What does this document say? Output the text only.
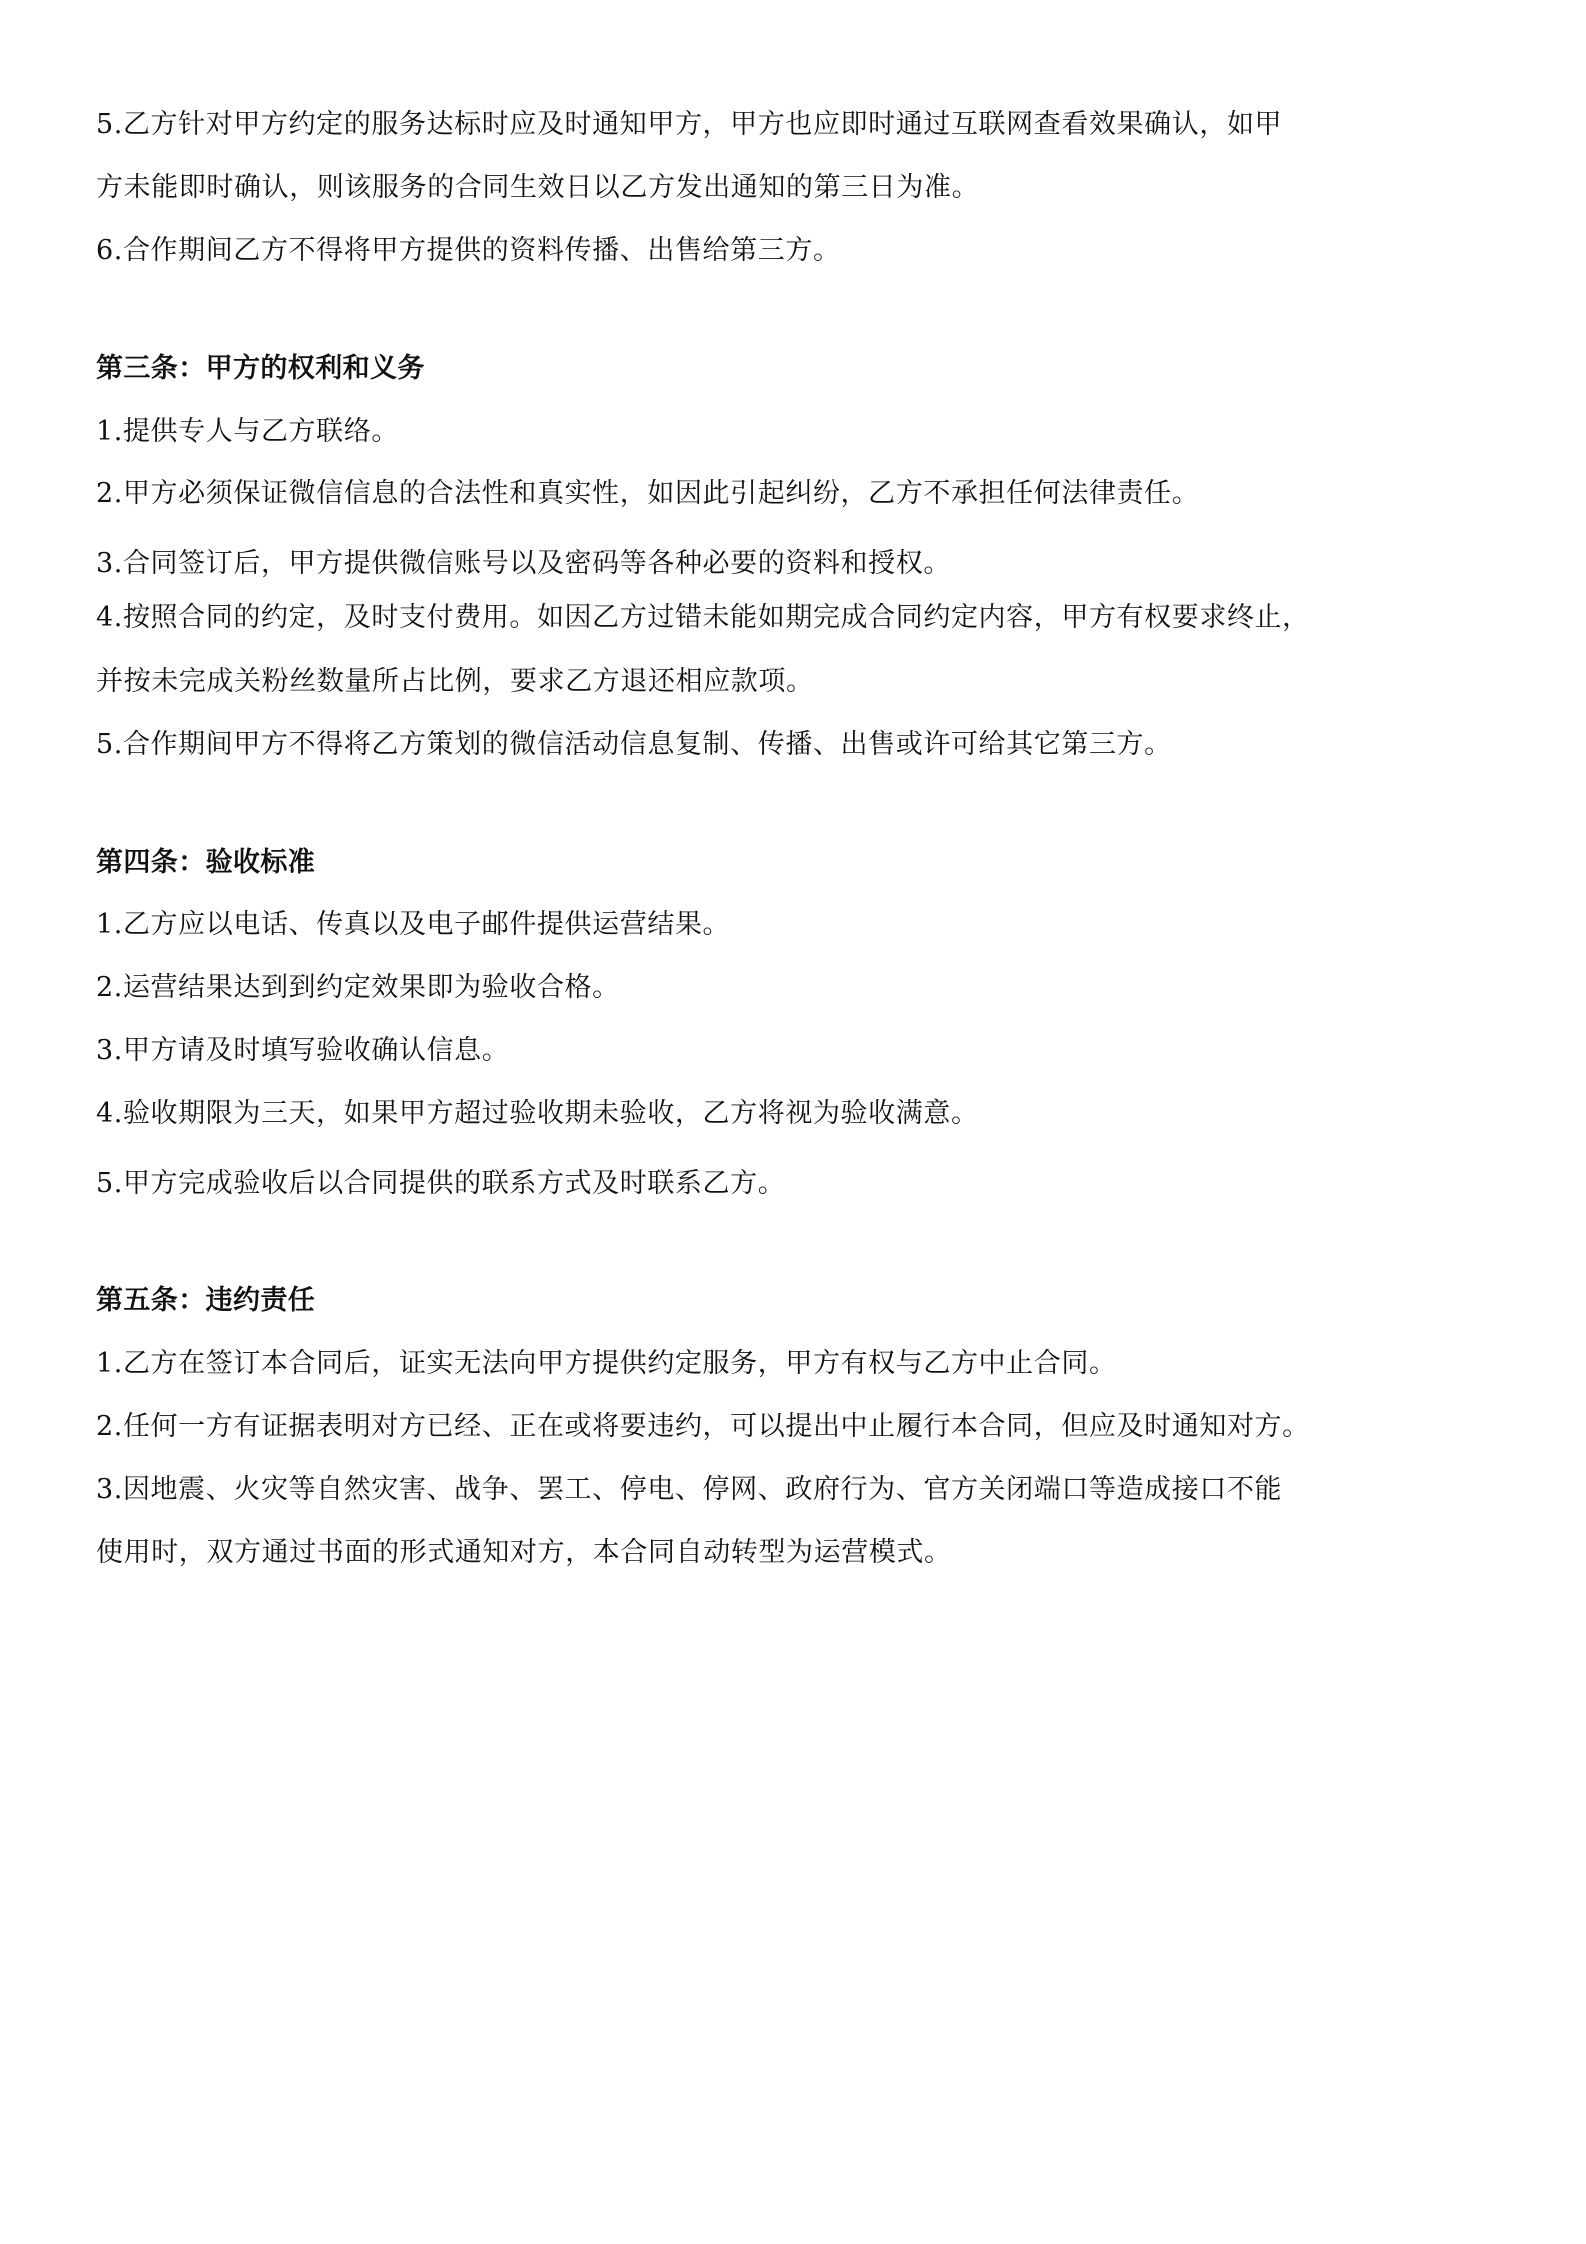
5.乙方针对甲方约定的服务达标时应及时通知甲方，甲方也应即时通过互联网查看效果确认，如甲
方未能即时确认，则该服务的合同生效日以乙方发出通知的第三日为准。
6.合作期间乙方不得将甲方提供的资料传播、出售给第三方。
第三条：甲方的权利和义务
1.提供专人与乙方联络。
2.甲方必须保证微信信息的合法性和真实性，如因此引起纠纷，乙方不承担任何法律责任。
3.合同签订后，甲方提供微信账号以及密码等各种必要的资料和授权。
4.按照合同的约定，及时支付费用。如因乙方过错未能如期完成合同约定内容，甲方有权要求终止，
并按未完成关粉丝数量所占比例，要求乙方退还相应款项。
5.合作期间甲方不得将乙方策划的微信活动信息复制、传播、出售或许可给其它第三方。
第四条：验收标准
1.乙方应以电话、传真以及电子邮件提供运营结果。
2.运营结果达到到约定效果即为验收合格。
3.甲方请及时填写验收确认信息。
4.验收期限为三天，如果甲方超过验收期未验收，乙方将视为验收满意。
5.甲方完成验收后以合同提供的联系方式及时联系乙方。
第五条：违约责任
1.乙方在签订本合同后，证实无法向甲方提供约定服务，甲方有权与乙方中止合同。
2.任何一方有证据表明对方已经、正在或将要违约，可以提出中止履行本合同，但应及时通知对方。
3.因地震、火灾等自然灾害、战争、罢工、停电、停网、政府行为、官方关闭端口等造成接口不能
使用时，双方通过书面的形式通知对方，本合同自动转型为运营模式。
